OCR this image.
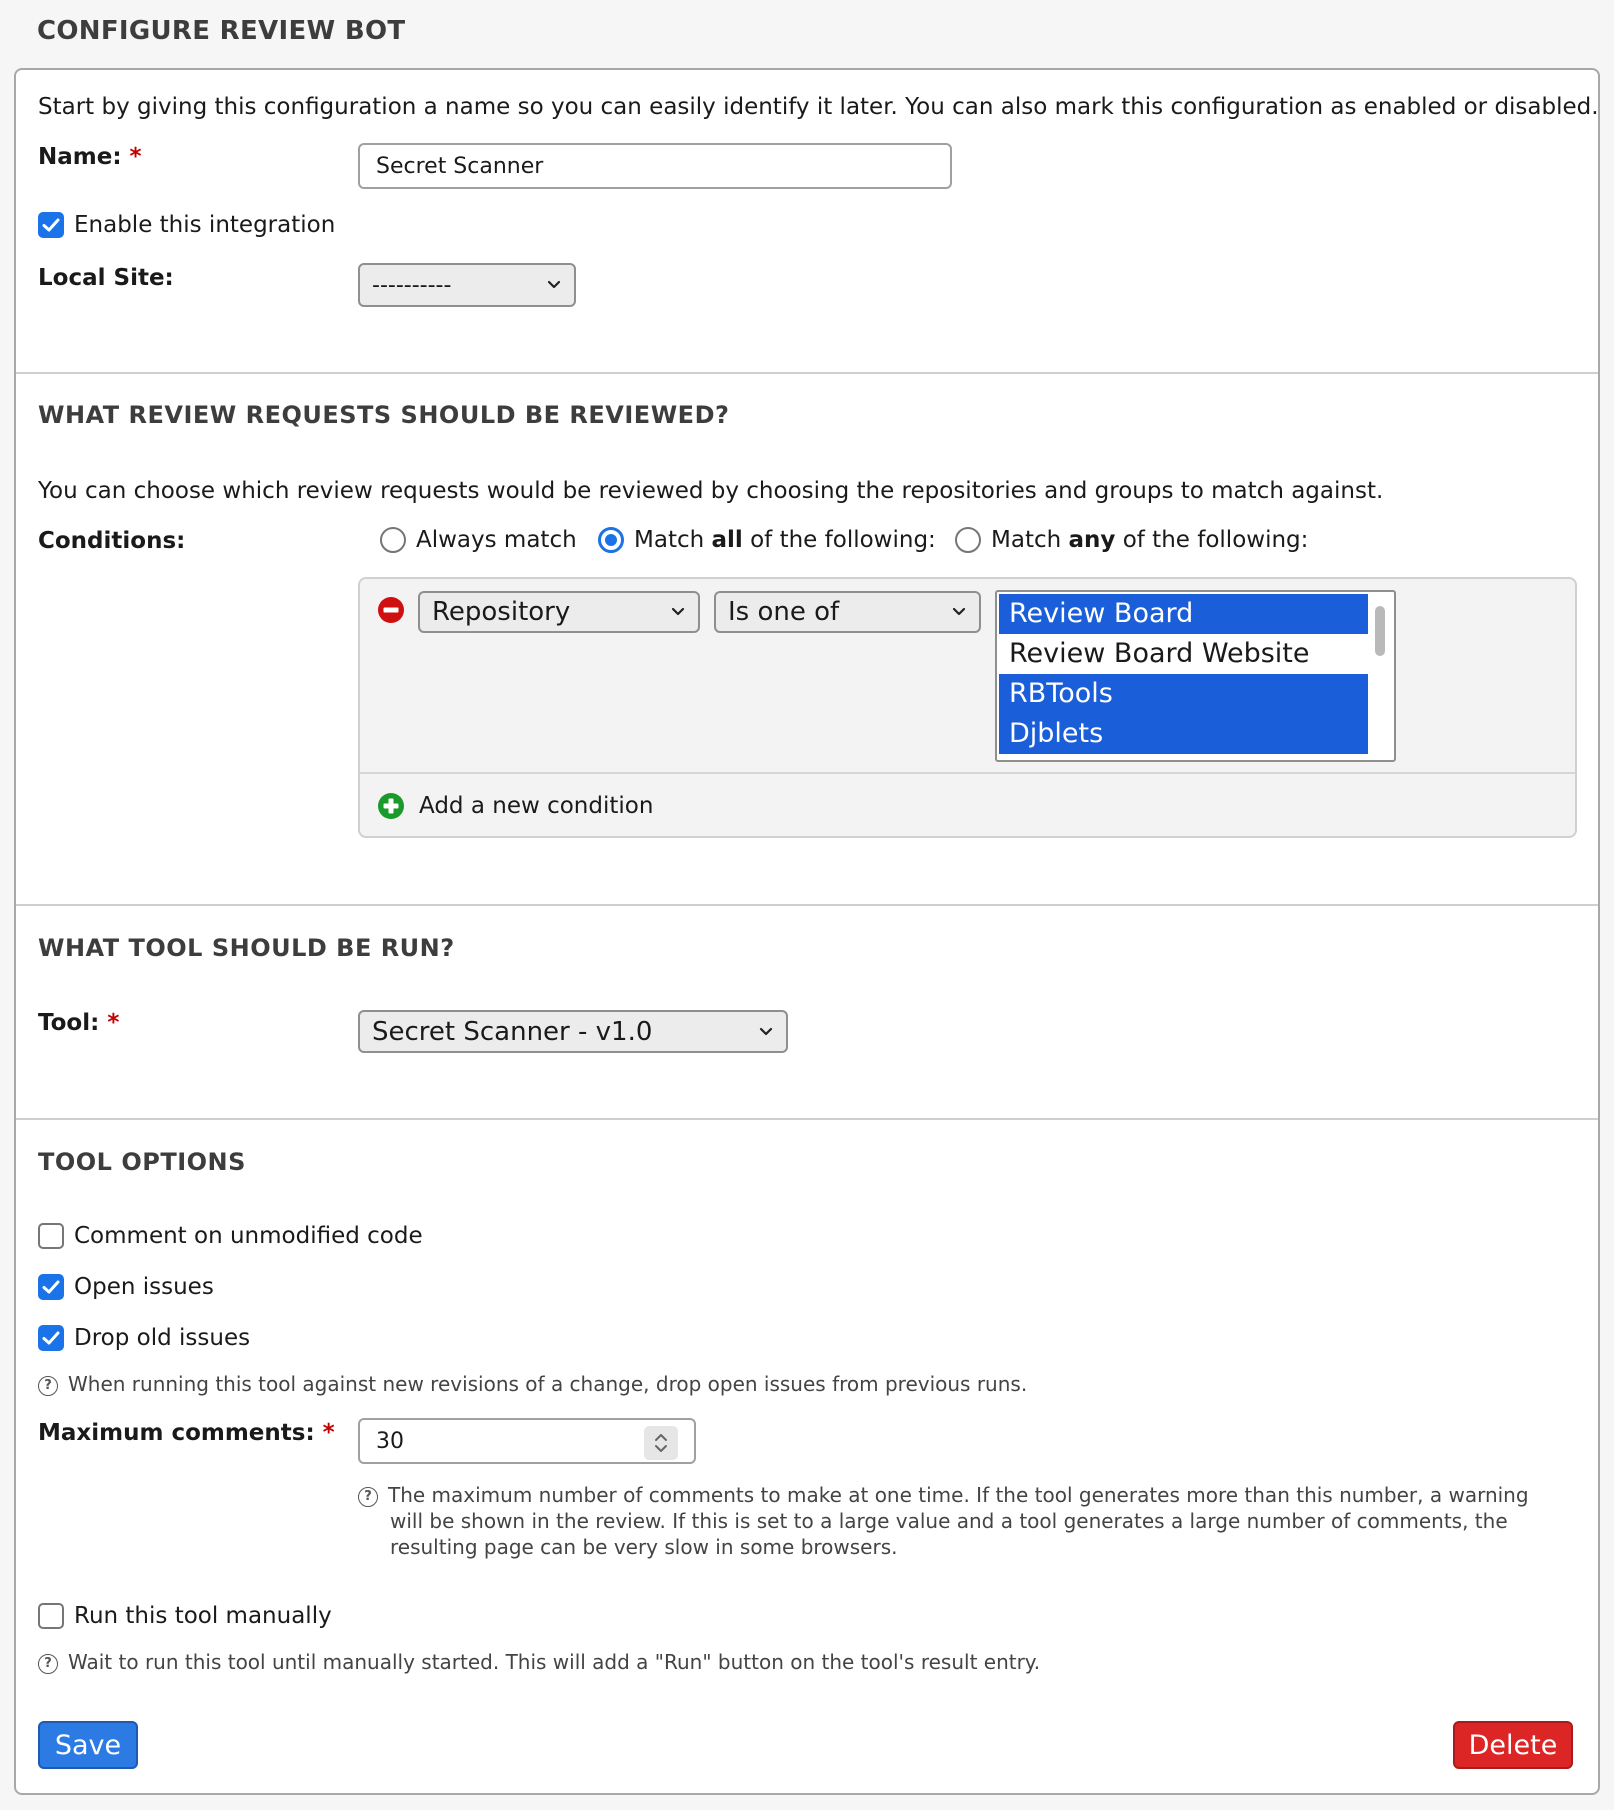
CONFIGURE REVIEW BOT
Start by giving this configuration a name so you can easily identify it later. You can also mark this configuration as enabled or disabled.
Name: *	Secret Scanner
Enable this integration
Local Site:	----------
WHAT REVIEW REQUESTS SHOULD BE REVIEWED?
You can choose which review requests would be reviewed by choosing the repositories and groups to match against.
Conditions:	Always match Match all of the following: Match any of the following:
Repository	Is one of	Review Board
Review Board Website
RBTools
Djblets
Add a new condition
WHAT TOOL SHOULD BE RUN?
Tool: *	Secret Scanner - v1.0
TOOL OPTIONS
Comment on unmodified code
Open issues
Drop old issues
? When running this tool against new revisions of a change, drop open issues from previous runs.
Maximum comments: * 30
? The maximum number of comments to make at one time. If the tool generates more than this number, a warning
will be shown in the review. If this is set to a large value and a tool generates a large number of comments, the
resulting page can be very slow in some browsers.
Run this tool manually
? Wait to run this tool until manually started. This will add a "Run" button on the tool's result entry.
Save	Delete
